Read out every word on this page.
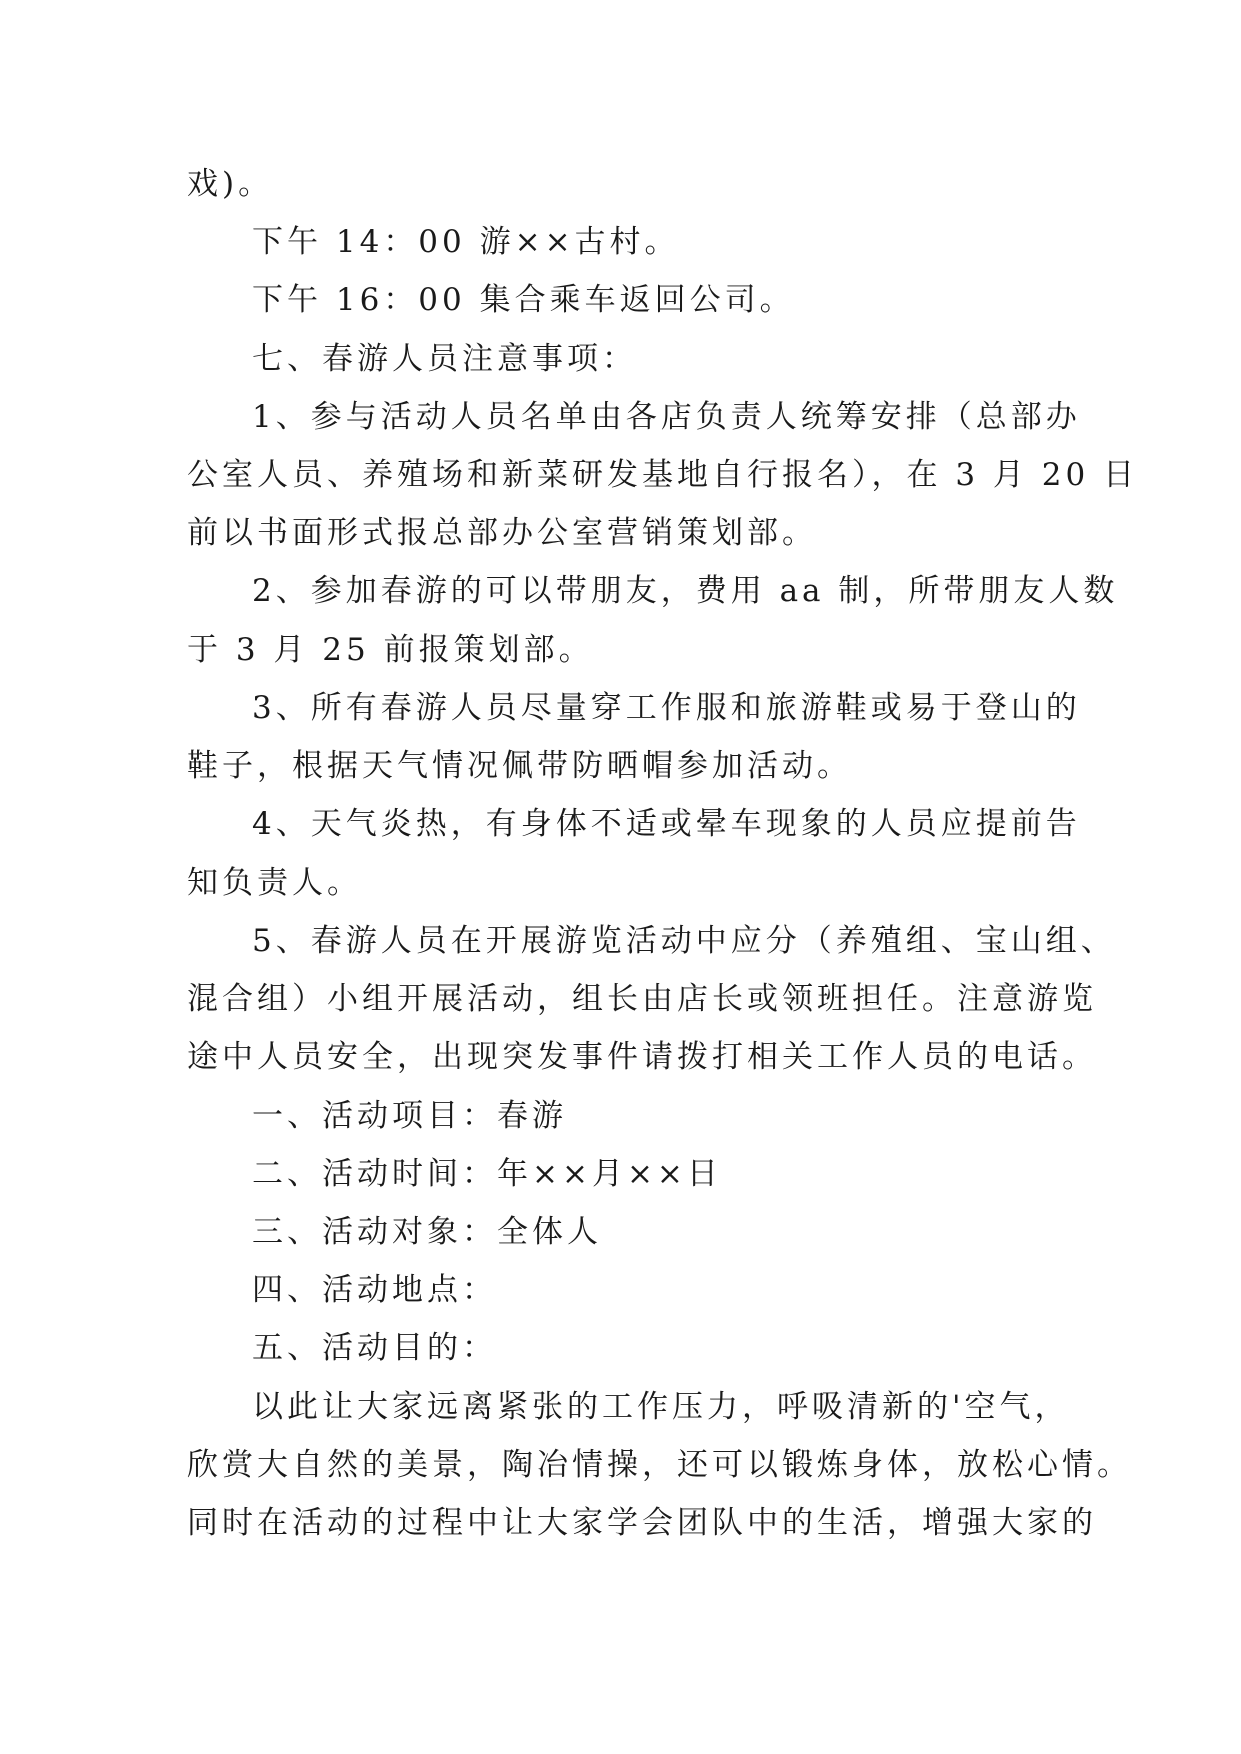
戏)。
下午 14：00 游××古村。
下午 16：00 集合乘车返回公司。
七、春游人员注意事项：
1、参与活动人员名单由各店负责人统筹安排（总部办
公室人员、养殖场和新菜研发基地自行报名），在 3 月 20 日
前以书面形式报总部办公室营销策划部。
2、参加春游的可以带朋友，费用 aa 制，所带朋友人数
于 3 月 25 前报策划部。
3、所有春游人员尽量穿工作服和旅游鞋或易于登山的
鞋子，根据天气情况佩带防晒帽参加活动。
4、天气炎热，有身体不适或晕车现象的人员应提前告
知负责人。
5、春游人员在开展游览活动中应分（养殖组、宝山组、
混合组）小组开展活动，组长由店长或领班担任。注意游览
途中人员安全，出现突发事件请拨打相关工作人员的电话。
一、活动项目：春游
二、活动时间：年××月××日
三、活动对象：全体人
四、活动地点：
五、活动目的：
以此让大家远离紧张的工作压力，呼吸清新的'空气，
欣赏大自然的美景，陶冶情操，还可以锻炼身体，放松心情。
同时在活动的过程中让大家学会团队中的生活，增强大家的
